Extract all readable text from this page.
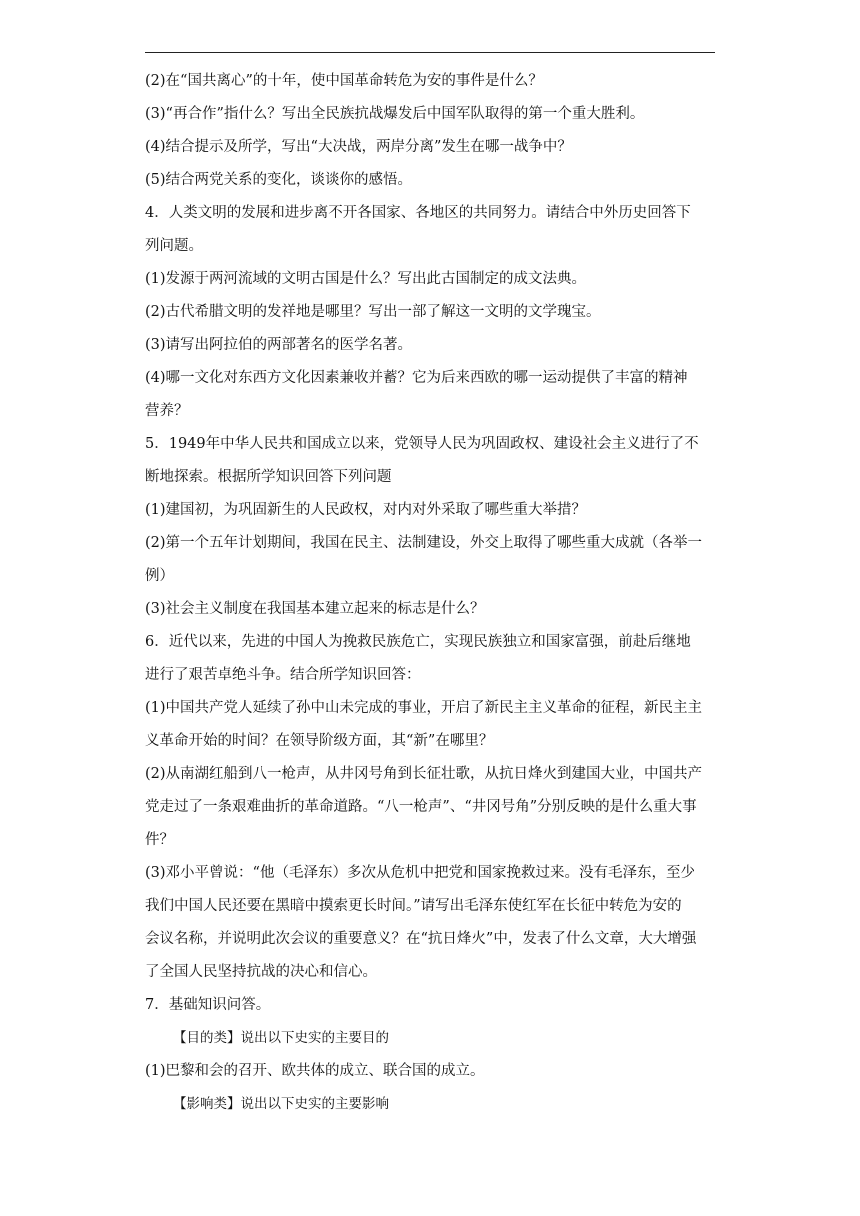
(2)在“国共离心”的十年，使中国革命转危为安的事件是什么？

(3)“再合作”指什么？写出全民族抗战爆发后中国军队取得的第一个重大胜利。

(4)结合提示及所学，写出“大决战，两岸分离”发生在哪一战争中？

(5)结合两党关系的变化，谈谈你的感悟。

4．人类文明的发展和进步离不开各国家、各地区的共同努力。请结合中外历史回答下

列问题。

(1)发源于两河流域的文明古国是什么？写出此古国制定的成文法典。

(2)古代希腊文明的发祥地是哪里？写出一部了解这一文明的文学瑰宝。

(3)请写出阿拉伯的两部著名的医学名著。

(4)哪一文化对东西方文化因素兼收并蓄？它为后来西欧的哪一运动提供了丰富的精神

营养？

5．1949年中华人民共和国成立以来，党领导人民为巩固政权、建设社会主义进行了不

断地探索。根据所学知识回答下列问题

(1)建国初，为巩固新生的人民政权，对内对外采取了哪些重大举措？

(2)第一个五年计划期间，我国在民主、法制建设，外交上取得了哪些重大成就（各举一

例）

(3)社会主义制度在我国基本建立起来的标志是什么？

6．近代以来，先进的中国人为挽救民族危亡，实现民族独立和国家富强，前赴后继地

进行了艰苦卓绝斗争。结合所学知识回答：

(1)中国共产党人延续了孙中山未完成的事业，开启了新民主主义革命的征程，新民主主

义革命开始的时间？在领导阶级方面，其“新”在哪里？

(2)从南湖红船到八一枪声，从井冈号角到长征壮歌，从抗日烽火到建国大业，中国共产

党走过了一条艰难曲折的革命道路。“八一枪声”、“井冈号角”分别反映的是什么重大事

件？

(3)邓小平曾说：“他（毛泽东）多次从危机中把党和国家挽救过来。没有毛泽东，至少

我们中国人民还要在黑暗中摸索更长时间。”请写出毛泽东使红军在长征中转危为安的

会议名称，并说明此次会议的重要意义？在“抗日烽火”中，发表了什么文章，大大增强

了全国人民坚持抗战的决心和信心。

7．基础知识问答。

【目的类】说出以下史实的主要目的

(1)巴黎和会的召开、欧共体的成立、联合国的成立。

【影响类】说出以下史实的主要影响
